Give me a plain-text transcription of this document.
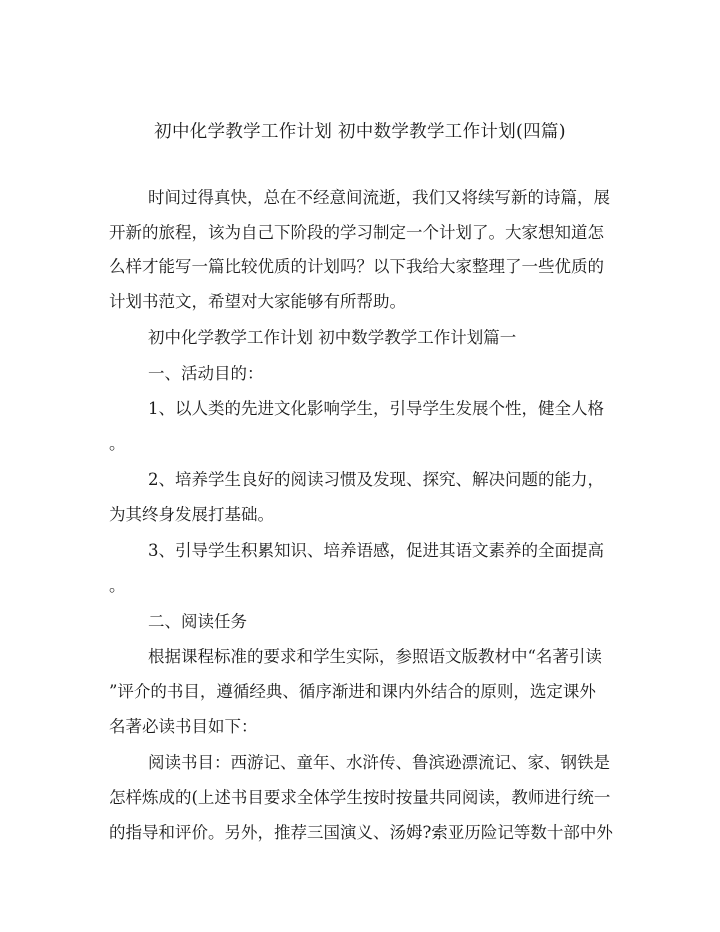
初中化学教学工作计划 初中数学教学工作计划(四篇)

时间过得真快，总在不经意间流逝，我们又将续写新的诗篇，展

开新的旅程，该为自己下阶段的学习制定一个计划了。大家想知道怎

么样才能写一篇比较优质的计划吗？以下我给大家整理了一些优质的

计划书范文，希望对大家能够有所帮助。

初中化学教学工作计划 初中数学教学工作计划篇一

一、活动目的：

1、以人类的先进文化影响学生，引导学生发展个性，健全人格

。

2、培养学生良好的阅读习惯及发现、探究、解决问题的能力，

为其终身发展打基础。

3、引导学生积累知识、培养语感，促进其语文素养的全面提高

。

二、阅读任务

根据课程标准的要求和学生实际，参照语文版教材中“名著引读

”评介的书目，遵循经典、循序渐进和课内外结合的原则，选定课外

名著必读书目如下：

阅读书目：西游记、童年、水浒传、鲁滨逊漂流记、家、钢铁是

怎样炼成的(上述书目要求全体学生按时按量共同阅读，教师进行统一

的指导和评价。另外，推荐三国演义、汤姆?索亚历险记等数十部中外
